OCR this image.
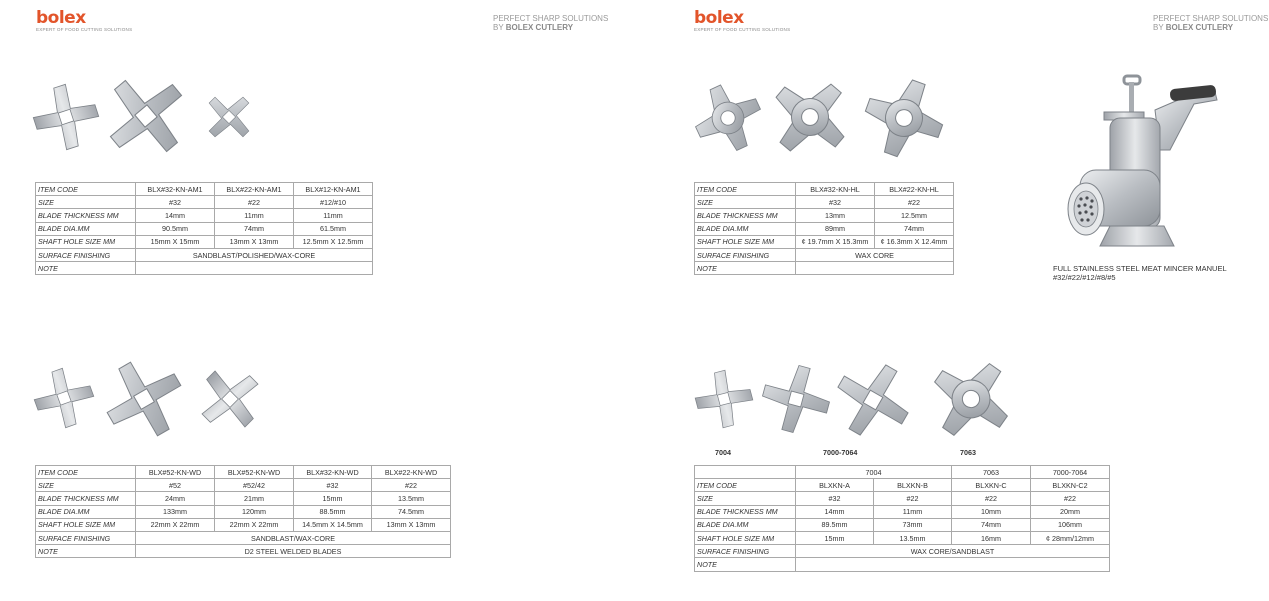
bolex
EXPERT OF FOOD CUTTING SOLUTIONS
PERFECT SHARP SOLUTIONS
BY BOLEX CUTLERY	bolex
EXPERT OF FOOD CUTTING SOLUTIONS
PERFECT SHARP SOLUTIONS
BY BOLEX CUTLERY
ITEM CODE	BLX#32-KN-AM1	BLX#22-KN-AM1	BLX#12-KN-AM1
SIZE	#32	#22	#12/#10
BLADE THICKNESS MM	14mm	11mm	11mm
BLADE DIA.MM	90.5mm	74mm	61.5mm
SHAFT HOLE SIZE MM	15mm X 15mm	13mm X 13mm	12.5mm X 12.5mm
SURFACE FINISHING	SANDBLAST/POLISHED/WAX-CORE		
NOTE			
ITEM CODE	BLX#52-KN-WD	BLX#52-KN-WD	BLX#32-KN-WD	BLX#22-KN-WD
SIZE	#52	#52/42	#32	#22
BLADE THICKNESS MM	24mm	21mm	15mm	13.5mm
BLADE DIA.MM	133mm	120mm	88.5mm	74.5mm
SHAFT HOLE SIZE MM	22mm X 22mm	22mm X 22mm	14.5mm X 14.5mm	13mm X 13mm
SURFACE FINISHING	SANDBLAST/WAX-CORE			
NOTE	D2 STEEL WELDED BLADES			
ITEM CODE	BLX#32-KN-HL	BLX#22-KN-HL
SIZE	#32	#22
BLADE THICKNESS MM	13mm	12.5mm
BLADE DIA.MM	89mm	74mm
SHAFT HOLE SIZE MM	¢ 19.7mm X 15.3mm	¢ 16.3mm X 12.4mm
SURFACE FINISHING	WAX CORE	
NOTE			FULL STAINLESS STEEL MEAT MINCER MANUEL
#32/#22/#12/#8/#5
7004	7000-7064	7063
	7004		7063	7000-7064
ITEM CODE	BLXKN-A	BLXKN-B	BLXKN-C	BLXKN-C2
SIZE	#32	#22	#22	#22
BLADE THICKNESS MM	14mm	11mm	10mm	20mm
BLADE DIA.MM	89.5mm	73mm	74mm	106mm
SHAFT HOLE SIZE MM	15mm	13.5mm	16mm	¢ 28mm/12mm
SURFACE FINISHING	WAX CORE/SANDBLAST			
NOTE				
